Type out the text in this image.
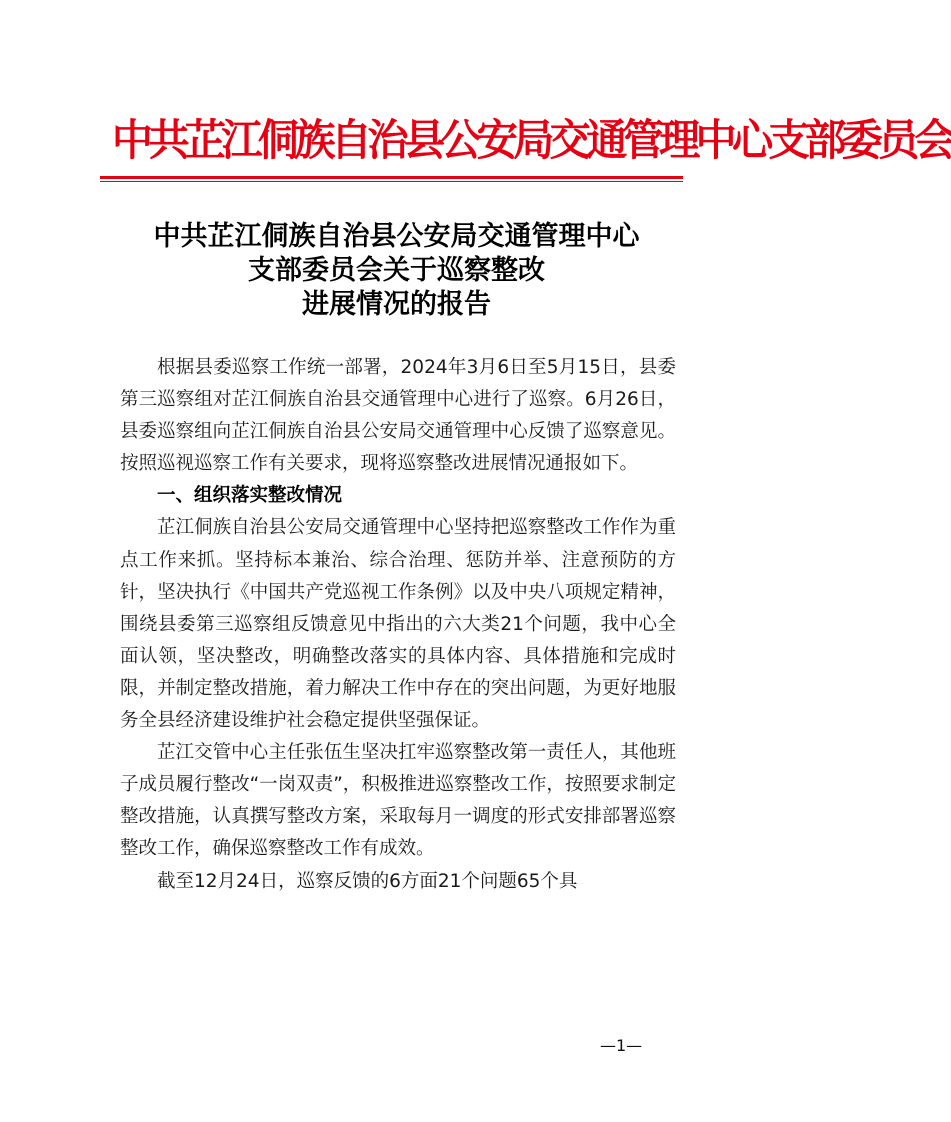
中共芷江侗族自治县公安局交通管理中心支部委员会
中共芷江侗族自治县公安局交通管理中心
支部委员会关于巡察整改
进展情况的报告

根据县委巡察工作统一部署，2024年3月6日至5月15日，县委第三巡察组对芷江侗族自治县交通管理中心进行了巡察。6月26日，县委巡察组向芷江侗族自治县公安局交通管理中心反馈了巡察意见。按照巡视巡察工作有关要求，现将巡察整改进展情况通报如下。

一、组织落实整改情况

芷江侗族自治县公安局交通管理中心坚持把巡察整改工作作为重点工作来抓。坚持标本兼治、综合治理、惩防并举、注意预防的方针，坚决执行《中国共产党巡视工作条例》以及中央八项规定精神，围绕县委第三巡察组反馈意见中指出的六大类21个问题，我中心全面认领，坚决整改，明确整改落实的具体内容、具体措施和完成时限，并制定整改措施，着力解决工作中存在的突出问题，为更好地服务全县经济建设维护社会稳定提供坚强保证。

芷江交管中心主任张伍生坚决扛牢巡察整改第一责任人，其他班子成员履行整改“一岗双责”，积极推进巡察整改工作，按照要求制定整改措施，认真撰写整改方案，采取每月一调度的形式安排部署巡察整改工作，确保巡察整改工作有成效。

截至12月24日，巡察反馈的6方面21个问题65个具

—1—
